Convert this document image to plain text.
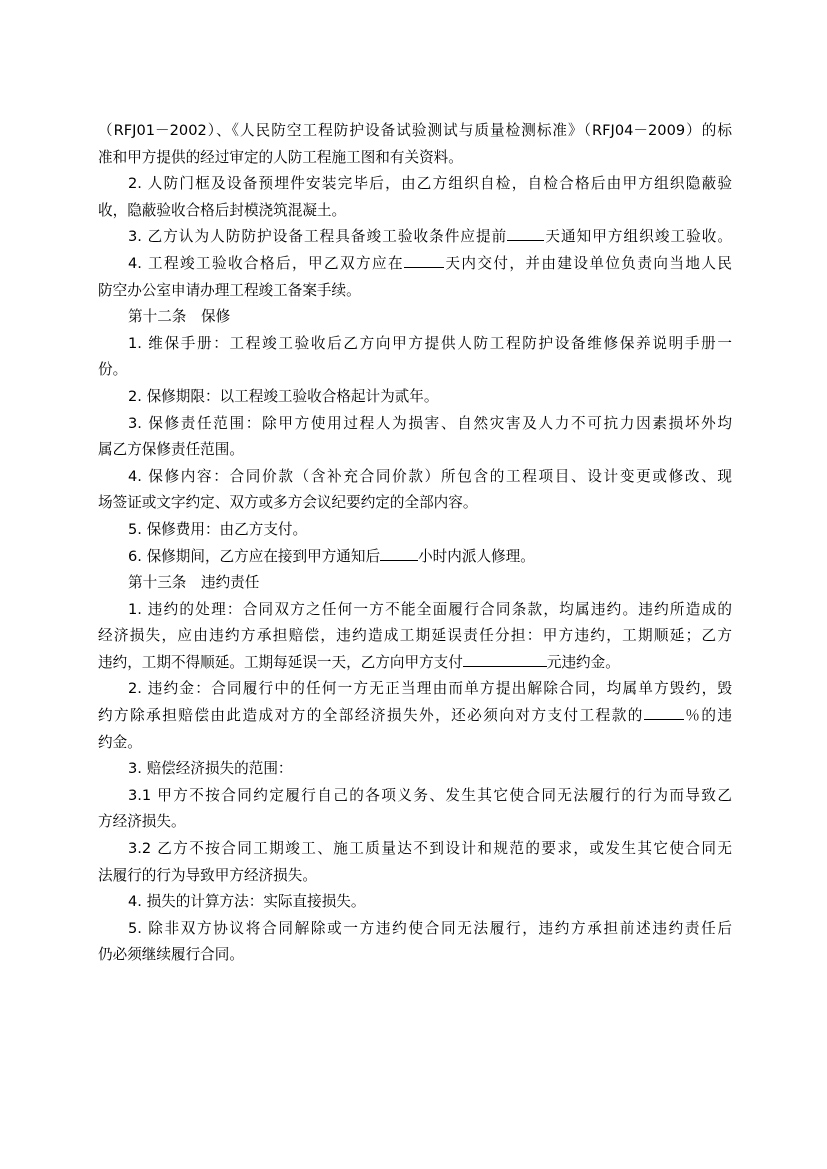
（RFJ01－2002）、《人民防空工程防护设备试验测试与质量检测标准》（RFJ04－2009）的标
准和甲方提供的经过审定的人防工程施工图和有关资料。
2. 人防门框及设备预埋件安装完毕后，由乙方组织自检，自检合格后由甲方组织隐蔽验
收，隐蔽验收合格后封模浇筑混凝土。
3. 乙方认为人防防护设备工程具备竣工验收条件应提前	天通知甲方组织竣工验收。
4. 工程竣工验收合格后，甲乙双方应在	天内交付，并由建设单位负责向当地人民
防空办公室申请办理工程竣工备案手续。
第十二条　保修
1. 维保手册：工程竣工验收后乙方向甲方提供人防工程防护设备维修保养说明手册一
份。
2. 保修期限：以工程竣工验收合格起计为贰年。
3. 保修责任范围：除甲方使用过程人为损害、自然灾害及人力不可抗力因素损坏外均
属乙方保修责任范围。
4. 保修内容：合同价款（含补充合同价款）所包含的工程项目、设计变更或修改、现
场签证或文字约定、双方或多方会议纪要约定的全部内容。
5. 保修费用：由乙方支付。
6. 保修期间，乙方应在接到甲方通知后	小时内派人修理。
第十三条　违约责任
1. 违约的处理：合同双方之任何一方不能全面履行合同条款，均属违约。违约所造成的
经济损失，应由违约方承担赔偿，违约造成工期延误责任分担：甲方违约，工期顺延；乙方
违约，工期不得顺延。工期每延误一天，乙方向甲方支付	元违约金。
2. 违约金：合同履行中的任何一方无正当理由而单方提出解除合同，均属单方毁约，毁
约方除承担赔偿由此造成对方的全部经济损失外，还必须向对方支付工程款的	％的违
约金。
3. 赔偿经济损失的范围：
3.1 甲方不按合同约定履行自己的各项义务、发生其它使合同无法履行的行为而导致乙
方经济损失。
3.2 乙方不按合同工期竣工、施工质量达不到设计和规范的要求，或发生其它使合同无
法履行的行为导致甲方经济损失。
4. 损失的计算方法：实际直接损失。
5. 除非双方协议将合同解除或一方违约使合同无法履行，违约方承担前述违约责任后
仍必须继续履行合同。
